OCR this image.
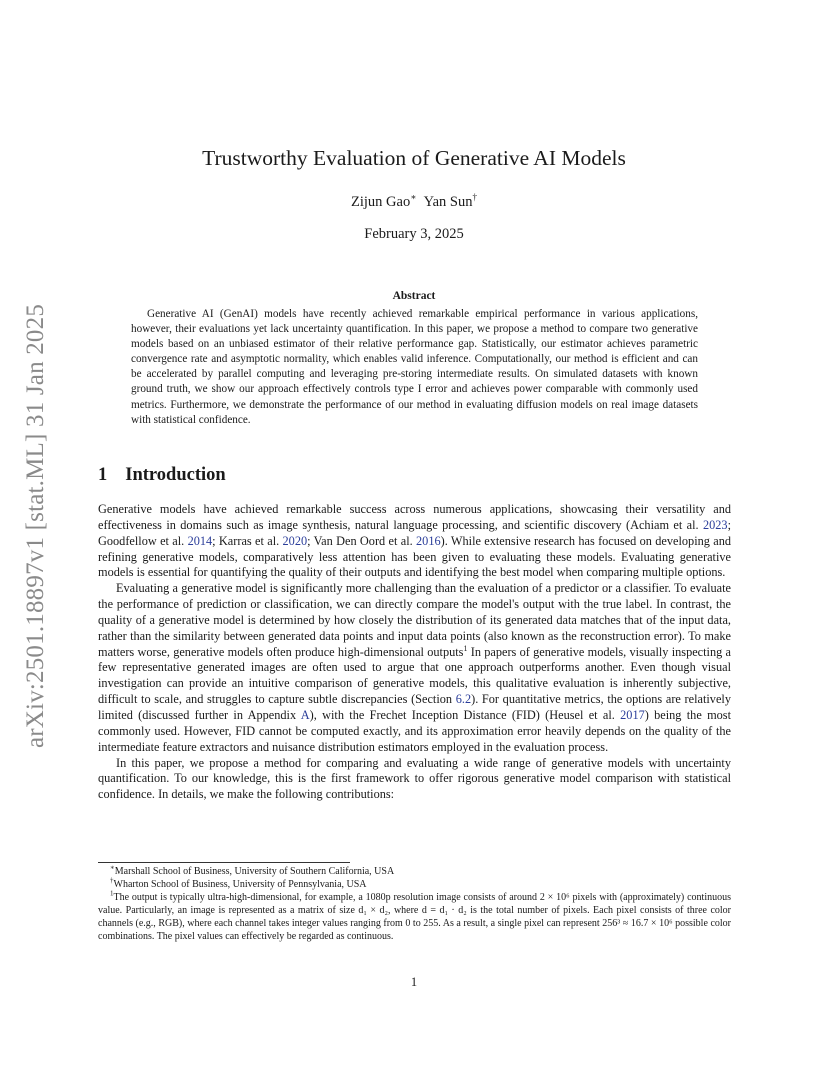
arXiv:2501.18897v1 [stat.ML] 31 Jan 2025
Trustworthy Evaluation of Generative AI Models
Zijun Gao∗ Yan Sun†
February 3, 2025
Abstract

Generative AI (GenAI) models have recently achieved remarkable empirical performance in various applications, however, their evaluations yet lack uncertainty quantification. In this paper, we propose a method to compare two generative models based on an unbiased estimator of their relative performance gap. Statistically, our estimator achieves parametric convergence rate and asymptotic normality, which enables valid inference. Computationally, our method is efficient and can be accelerated by parallel computing and leveraging pre-storing intermediate results. On simulated datasets with known ground truth, we show our approach effectively controls type I error and achieves power comparable with commonly used metrics. Furthermore, we demonstrate the performance of our method in evaluating diffusion models on real image datasets with statistical confidence.

1 Introduction

Generative models have achieved remarkable success across numerous applications, showcasing their versatility and effectiveness in domains such as image synthesis, natural language processing, and scientific discovery (Achiam et al. 2023; Goodfellow et al. 2014; Karras et al. 2020; Van Den Oord et al. 2016). While extensive research has focused on developing and refining generative models, comparatively less attention has been given to evaluating these models. Evaluating generative models is essential for quantifying the quality of their outputs and identifying the best model when comparing multiple options.

Evaluating a generative model is significantly more challenging than the evaluation of a predictor or a classifier. To evaluate the performance of prediction or classification, we can directly compare the model's output with the true label. In contrast, the quality of a generative model is determined by how closely the distribution of its generated data matches that of the input data, rather than the similarity between generated data points and input data points (also known as the reconstruction error). To make matters worse, generative models often produce high-dimensional outputs$^1$ In papers of generative models, visually inspecting a few representative generated images are often used to argue that one approach outperforms another. Even though visual investigation can provide an intuitive comparison of generative models, this qualitative evaluation is inherently subjective, difficult to scale, and struggles to capture subtle discrepancies (Section 6.2). For quantitative metrics, the options are relatively limited (discussed further in Appendix A), with the Frechet Inception Distance (FID) (Heusel et al. 2017) being the most commonly used. However, FID cannot be computed exactly, and its approximation error heavily depends on the quality of the intermediate feature extractors and nuisance distribution estimators employed in the evaluation process.

In this paper, we propose a method for comparing and evaluating a wide range of generative models with uncertainty quantification. To our knowledge, this is the first framework to offer rigorous generative model comparison with statistical confidence. In details, we make the following contributions:

∗Marshall School of Business, University of Southern California, USA

†Wharton School of Business, University of Pennsylvania, USA

$^1$The output is typically ultra-high-dimensional, for example, a 1080p resolution image consists of around 2 × 10⁶ pixels with (approximately) continuous value. Particularly, an image is represented as a matrix of size d₁ × d₂, where d = d₁ · d₂ is the total number of pixels. Each pixel consists of three color channels (e.g., RGB), where each channel takes integer values ranging from 0 to 255. As a result, a single pixel can represent 256³ ≈ 16.7 × 10⁶ possible color combinations. The pixel values can effectively be regarded as continuous.

1
